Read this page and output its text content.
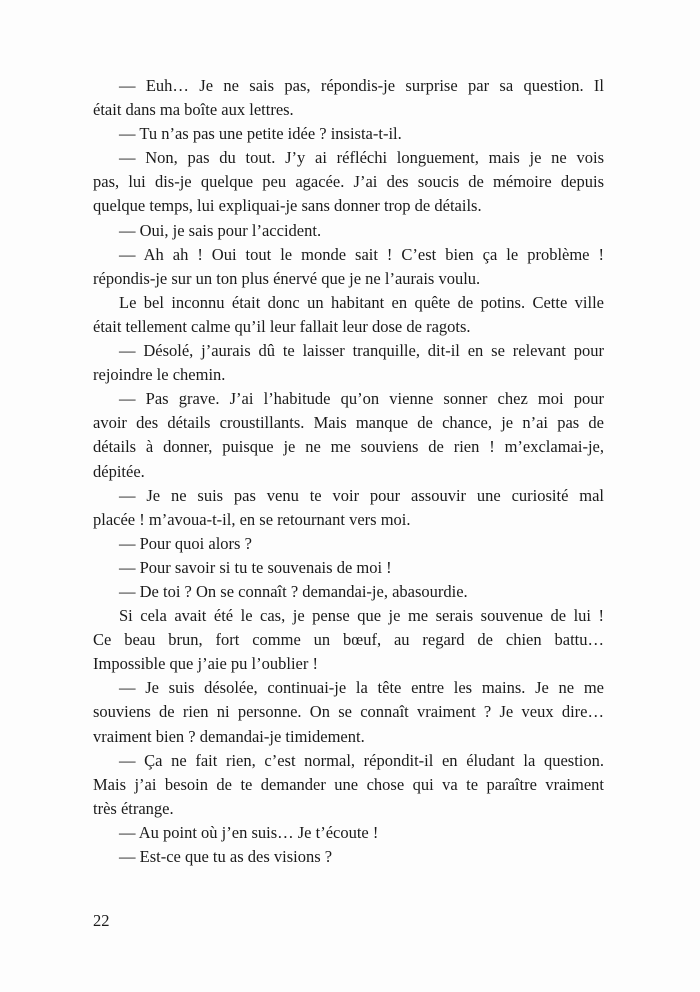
— Euh… Je ne sais pas, répondis-je surprise par sa question. Il
était dans ma boîte aux lettres.
— Tu n’as pas une petite idée ? insista-t-il.
— Non, pas du tout. J’y ai réfléchi longuement, mais je ne vois
pas, lui dis-je quelque peu agacée. J’ai des soucis de mémoire depuis
quelque temps, lui expliquai-je sans donner trop de détails.
— Oui, je sais pour l’accident.
— Ah ah ! Oui tout le monde sait ! C’est bien ça le problème !
répondis-je sur un ton plus énervé que je ne l’aurais voulu.
Le bel inconnu était donc un habitant en quête de potins. Cette ville
était tellement calme qu’il leur fallait leur dose de ragots.
— Désolé, j’aurais dû te laisser tranquille, dit-il en se relevant pour
rejoindre le chemin.
— Pas grave. J’ai l’habitude qu’on vienne sonner chez moi pour
avoir des détails croustillants. Mais manque de chance, je n’ai pas de
détails à donner, puisque je ne me souviens de rien ! m’exclamai-je,
dépitée.
— Je ne suis pas venu te voir pour assouvir une curiosité mal
placée ! m’avoua-t-il, en se retournant vers moi.
— Pour quoi alors ?
— Pour savoir si tu te souvenais de moi !
— De toi ? On se connaît ? demandai-je, abasourdie.
Si cela avait été le cas, je pense que je me serais souvenue de lui !
Ce beau brun, fort comme un bœuf, au regard de chien battu…
Impossible que j’aie pu l’oublier !
— Je suis désolée, continuai-je la tête entre les mains. Je ne me
souviens de rien ni personne. On se connaît vraiment ? Je veux dire…
vraiment bien ? demandai-je timidement.
— Ça ne fait rien, c’est normal, répondit-il en éludant la question.
Mais j’ai besoin de te demander une chose qui va te paraître vraiment
très étrange.
— Au point où j’en suis… Je t’écoute !
— Est-ce que tu as des visions ?
22
